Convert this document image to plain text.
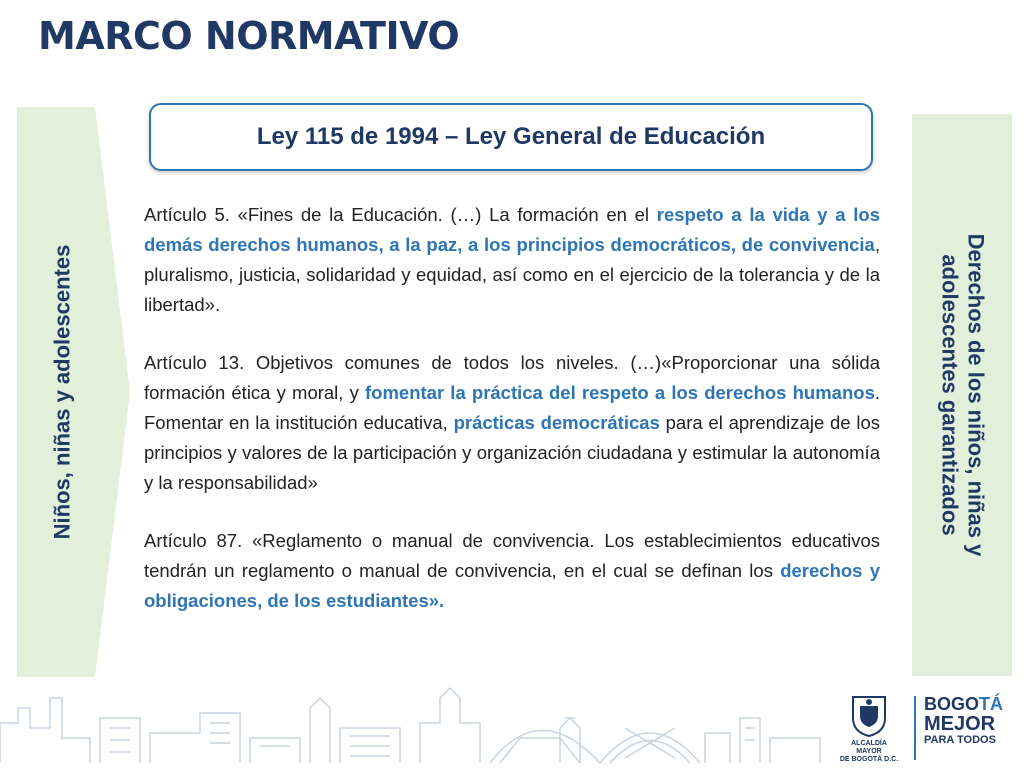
MARCO NORMATIVO
Niños, niñas y adolescentes
Ley 115 de 1994 – Ley General de Educación

Artículo 5. «Fines de la Educación. (…) La formación en el respeto a la vida y a los demás derechos humanos, a la paz, a los principios democráticos, de convivencia, pluralismo, justicia, solidaridad y equidad, así como en el ejercicio de la tolerancia y de la libertad».

Artículo 13. Objetivos comunes de todos los niveles. (…)«Proporcionar una sólida formación ética y moral, y fomentar la práctica del respeto a los derechos humanos. Fomentar en la institución educativa, prácticas democráticas para el aprendizaje de los principios y valores de la participación y organización ciudadana y estimular la autonomía y la responsabilidad»

Artículo 87. «Reglamento o manual de convivencia. Los establecimientos educativos tendrán un reglamento o manual de convivencia, en el cual se definan los derechos y obligaciones, de los estudiantes».

Derechos de los niños, niñas y
adolescentes garantizados
ALCALDÍA MAYOR
DE BOGOTÁ D.C.
BOGOTÁ
MEJOR
PARA TODOS
